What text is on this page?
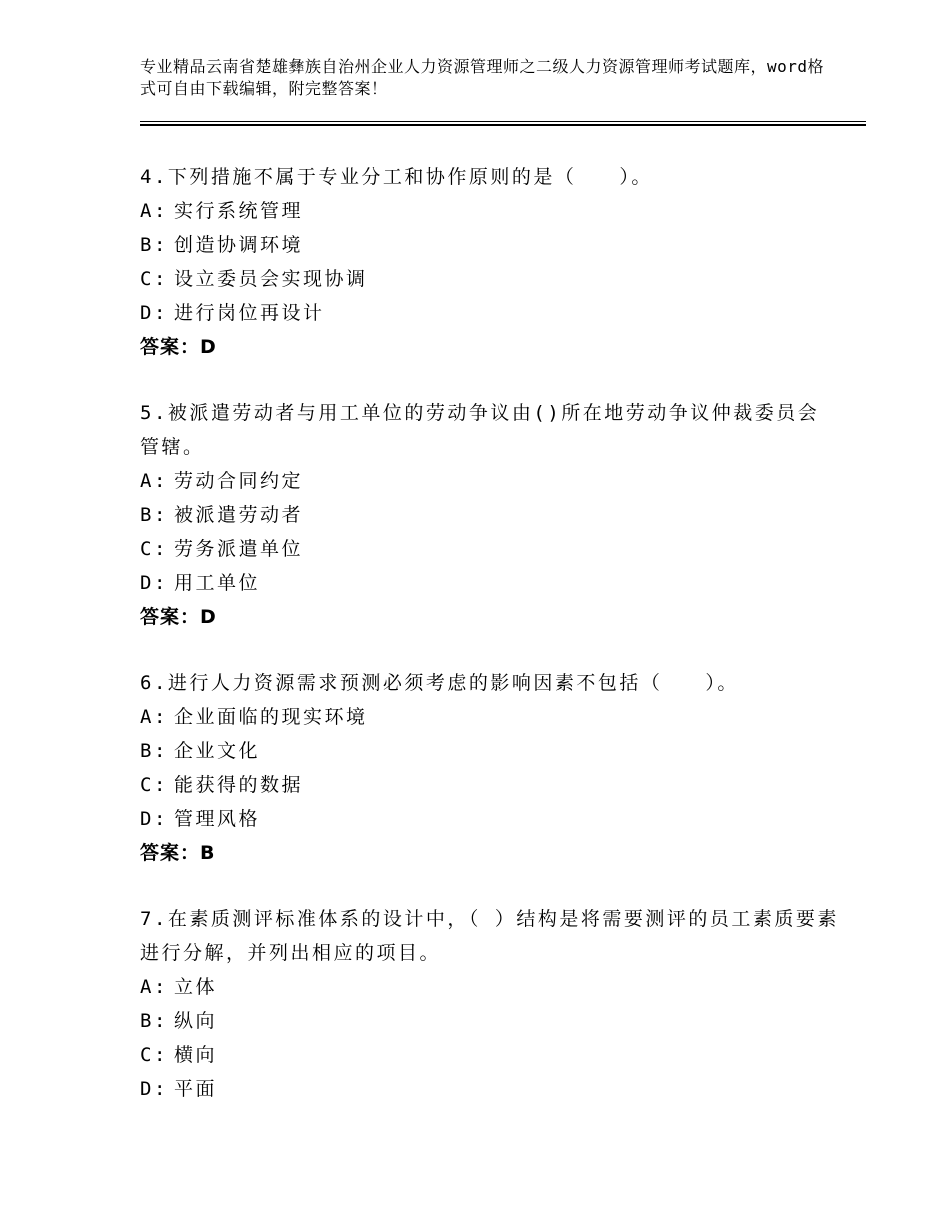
专业精品云南省楚雄彝族自治州企业人力资源管理师之二级人力资源管理师考试题库，word格式可自由下载编辑，附完整答案！

4.下列措施不属于专业分工和协作原则的是（　　）。

A: 实行系统管理
B: 创造协调环境
C: 设立委员会实现协调
D: 进行岗位再设计
答案：D

5.被派遣劳动者与用工单位的劳动争议由()所在地劳动争议仲裁委员会管辖。

A: 劳动合同约定
B: 被派遣劳动者
C: 劳务派遣单位
D: 用工单位
答案：D

6.进行人力资源需求预测必须考虑的影响因素不包括（　　）。

A: 企业面临的现实环境
B: 企业文化
C: 能获得的数据
D: 管理风格
答案：B

7.在素质测评标准体系的设计中，（ ）结构是将需要测评的员工素质要素进行分解，并列出相应的项目。

A: 立体
B: 纵向
C: 横向
D: 平面
